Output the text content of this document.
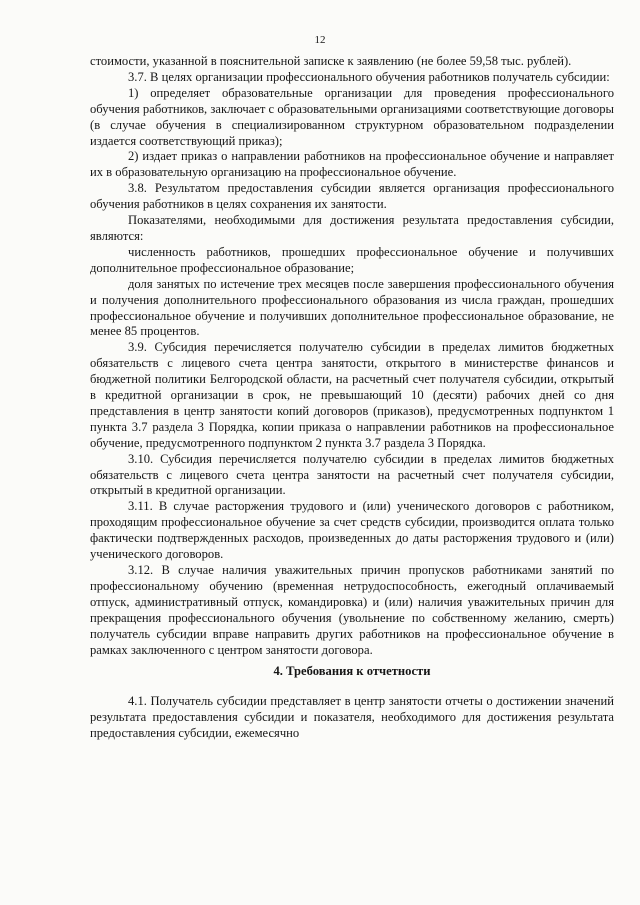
12

стоимости, указанной в пояснительной записке к заявлению (не более 59,58 тыс. рублей).

3.7. В целях организации профессионального обучения работников получатель субсидии:

1) определяет образовательные организации для проведения профессионального обучения работников, заключает с образовательными организациями соответствующие договоры (в случае обучения в специализированном структурном образовательном подразделении издается соответствующий приказ);

2) издает приказ о направлении работников на профессиональное обучение и направляет их в образовательную организацию на профессиональное обучение.

3.8. Результатом предоставления субсидии является организация профессионального обучения работников в целях сохранения их занятости.

Показателями, необходимыми для достижения результата предоставления субсидии, являются:

численность работников, прошедших профессиональное обучение и получивших дополнительное профессиональное образование;

доля занятых по истечение трех месяцев после завершения профессионального обучения и получения дополнительного профессионального образования из числа граждан, прошедших профессиональное обучение и получивших дополнительное профессиональное образование, не менее 85 процентов.

3.9. Субсидия перечисляется получателю субсидии в пределах лимитов бюджетных обязательств с лицевого счета центра занятости, открытого в министерстве финансов и бюджетной политики Белгородской области, на расчетный счет получателя субсидии, открытый в кредитной организации в срок, не превышающий 10 (десяти) рабочих дней со дня представления в центр занятости копий договоров (приказов), предусмотренных подпунктом 1 пункта 3.7 раздела 3 Порядка, копии приказа о направлении работников на профессиональное обучение, предусмотренного подпунктом 2 пункта 3.7 раздела 3 Порядка.

3.10. Субсидия перечисляется получателю субсидии в пределах лимитов бюджетных обязательств с лицевого счета центра занятости на расчетный счет получателя субсидии, открытый в кредитной организации.

3.11. В случае расторжения трудового и (или) ученического договоров с работником, проходящим профессиональное обучение за счет средств субсидии, производится оплата только фактически подтвержденных расходов, произведенных до даты расторжения трудового и (или) ученического договоров.

3.12. В случае наличия уважительных причин пропусков работниками занятий по профессиональному обучению (временная нетрудоспособность, ежегодный оплачиваемый отпуск, административный отпуск, командировка) и (или) наличия уважительных причин для прекращения профессионального обучения (увольнение по собственному желанию, смерть) получатель субсидии вправе направить других работников на профессиональное обучение в рамках заключенного с центром занятости договора.

4. Требования к отчетности

4.1. Получатель субсидии представляет в центр занятости отчеты о достижении значений результата предоставления субсидии и показателя, необходимого для достижения результата предоставления субсидии, ежемесячно
